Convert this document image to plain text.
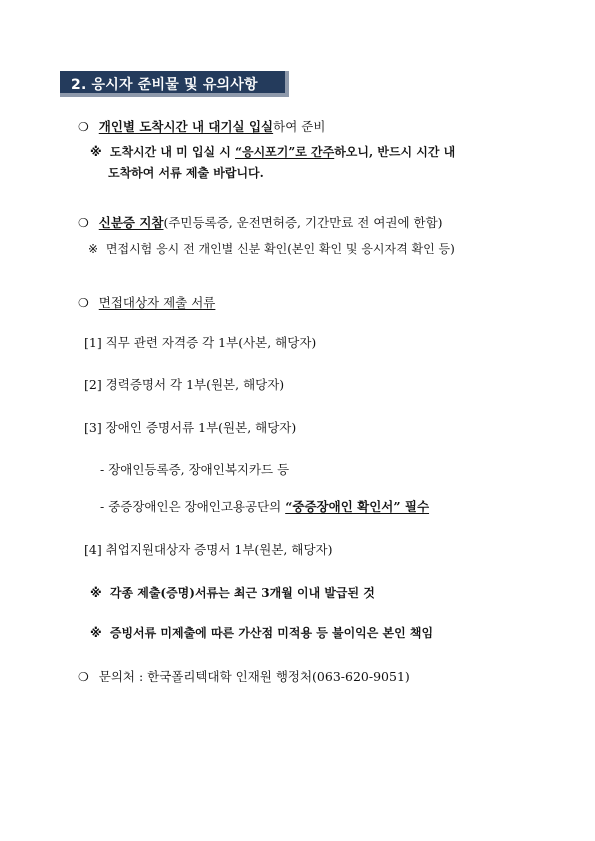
2. 응시자 준비물 및 유의사항
❍ 개인별 도착시간 내 대기실 입실하여 준비
※ 도착시간 내 미 입실 시 “응시포기”로 간주하오니, 반드시 시간 내
도착하여 서류 제출 바랍니다.
❍ 신분증 지참(주민등록증, 운전면허증, 기간만료 전 여권에 한함)
※ 면접시험 응시 전 개인별 신분 확인(본인 확인 및 응시자격 확인 등)
❍ 면접대상자 제출 서류
[1] 직무 관련 자격증 각 1부(사본, 해당자)
[2] 경력증명서 각 1부(원본, 해당자)
[3] 장애인 증명서류 1부(원본, 해당자)
- 장애인등록증, 장애인복지카드 등
- 중증장애인은 장애인고용공단의 “중증장애인 확인서” 필수
[4] 취업지원대상자 증명서 1부(원본, 해당자)
※ 각종 제출(증명)서류는 최근 3개월 이내 발급된 것
※ 증빙서류 미제출에 따른 가산점 미적용 등 불이익은 본인 책임
❍ 문의처 : 한국폴리텍대학 인재원 행정처(063-620-9051)
